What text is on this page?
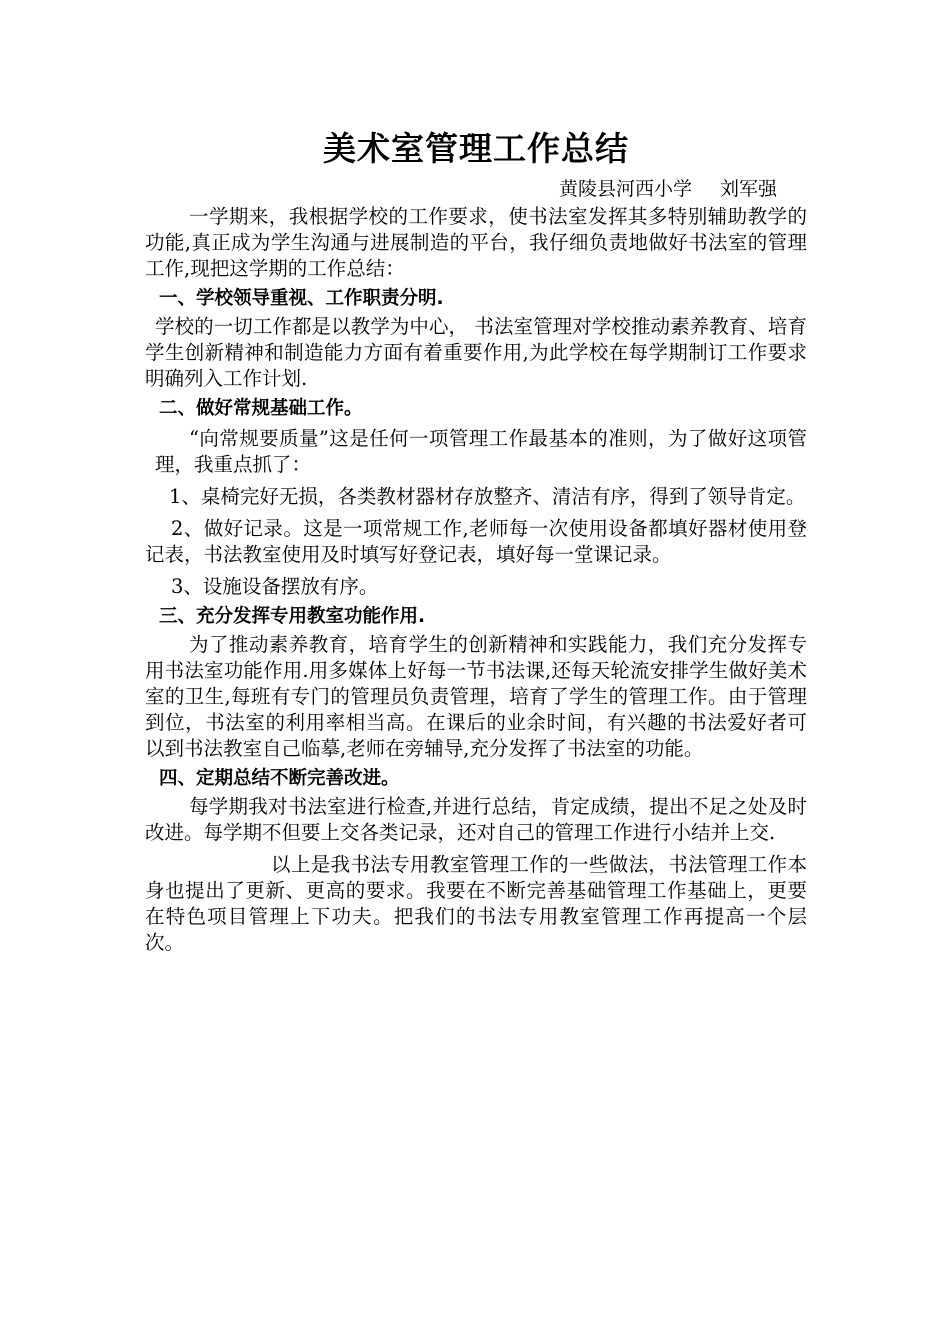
美术室管理工作总结
黄陵县河西小学 刘军强

一学期来，我根据学校的工作要求，使书法室发挥其多特别辅助教学的功能,真正成为学生沟通与进展制造的平台，我仔细负责地做好书法室的管理工作,现把这学期的工作总结：

一、学校领导重视、工作职责分明.

学校的一切工作都是以教学为中心， 书法室管理对学校推动素养教育、培育学生创新精神和制造能力方面有着重要作用,为此学校在每学期制订工作要求明确列入工作计划.

二、做好常规基础工作。

“向常规要质量”这是任何一项管理工作最基本的准则，为了做好这项管理，我重点抓了：

1、桌椅完好无损，各类教材器材存放整齐、清洁有序，得到了领导肯定。

2、做好记录。这是一项常规工作,老师每一次使用设备都填好器材使用登记表，书法教室使用及时填写好登记表，填好每一堂课记录。

3、设施设备摆放有序。

三、充分发挥专用教室功能作用.

为了推动素养教育，培育学生的创新精神和实践能力，我们充分发挥专用书法室功能作用.用多媒体上好每一节书法课,还每天轮流安排学生做好美术室的卫生,每班有专门的管理员负责管理，培育了学生的管理工作。由于管理到位，书法室的利用率相当高。在课后的业余时间，有兴趣的书法爱好者可以到书法教室自己临摹,老师在旁辅导,充分发挥了书法室的功能。

四、定期总结不断完善改进。

每学期我对书法室进行检查,并进行总结，肯定成绩，提出不足之处及时改进。每学期不但要上交各类记录，还对自己的管理工作进行小结并上交.

以上是我书法专用教室管理工作的一些做法，书法管理工作本身也提出了更新、更高的要求。我要在不断完善基础管理工作基础上，更要在特色项目管理上下功夫。把我们的书法专用教室管理工作再提高一个层次。
